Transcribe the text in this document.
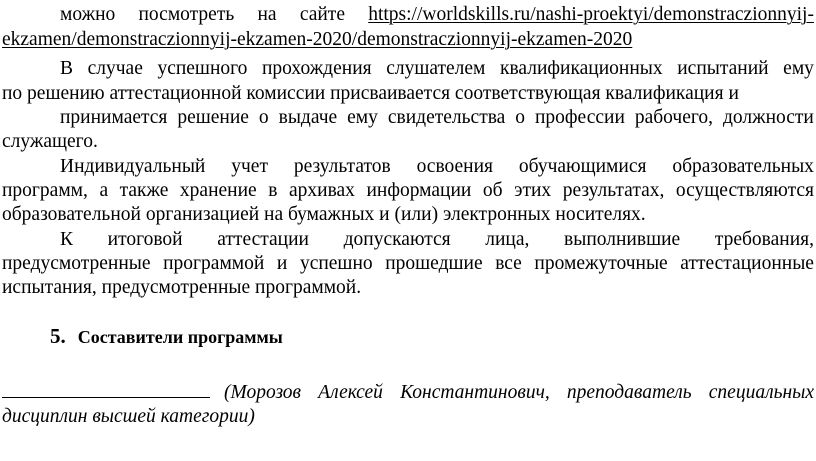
можно посмотреть на сайте https://worldskills.ru/nashi-proektyi/demonstraczionnyij-
ekzamen/demonstraczionnyij-ekzamen-2020/demonstraczionnyij-ekzamen-2020
В случае успешного прохождения слушателем квалификационных испытаний ему
по решению аттестационной комиссии присваивается соответствующая квалификация и
принимается решение о выдаче ему свидетельства о профессии рабочего, должности
служащего.
Индивидуальный учет результатов освоения обучающимися образовательных
программ, а также хранение в архивах информации об этих результатах, осуществляются
образовательной организацией на бумажных и (или) электронных носителях.
К итоговой аттестации допускаются лица, выполнившие требования,
предусмотренные программой и успешно прошедшие все промежуточные аттестационные
испытания, предусмотренные программой.
5. Составители программы
(Морозов Алексей Константинович, преподаватель специальных
дисциплин высшей категории)
